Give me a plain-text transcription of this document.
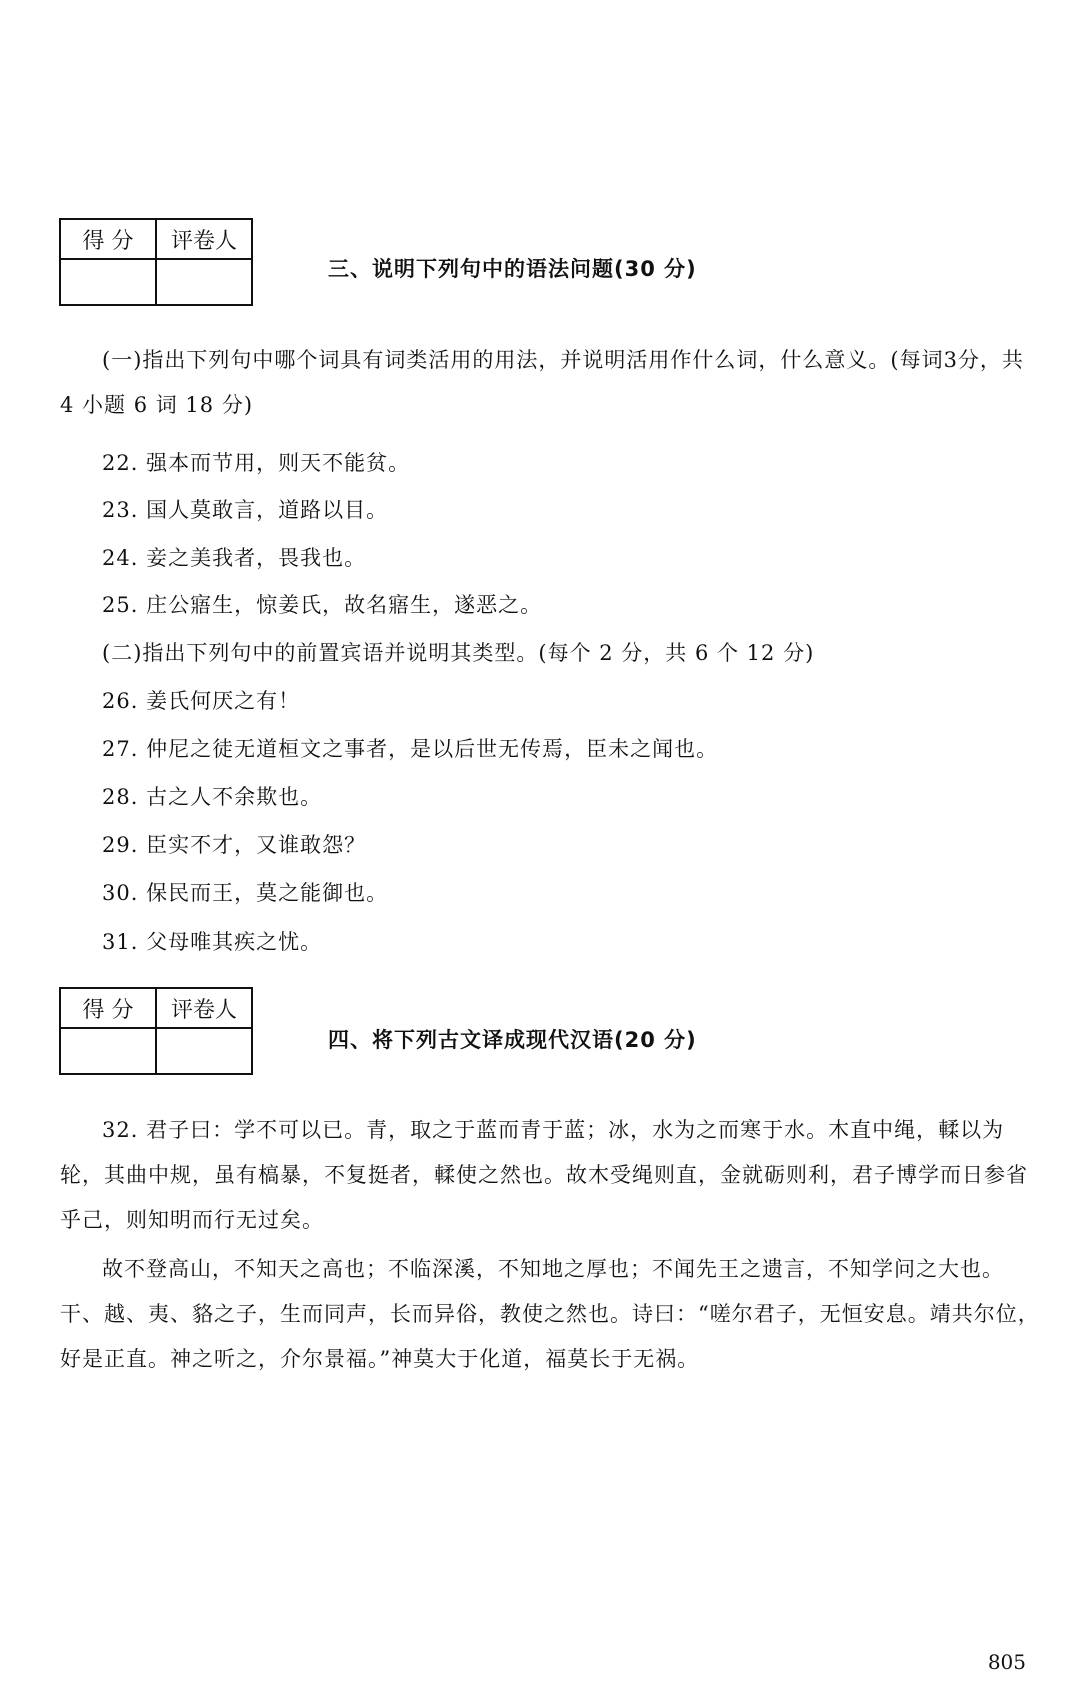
得 分	评卷人

三、说明下列句中的语法问题(30 分)
(一)指出下列句中哪个词具有词类活用的用法，并说明活用作什么词，什么意义。(每词3分，共 4 小题 6 词 18 分)
22. 强本而节用，则天不能贫。
23. 国人莫敢言，道路以目。
24. 妾之美我者，畏我也。
25. 庄公寤生，惊姜氏，故名寤生，遂恶之。
(二)指出下列句中的前置宾语并说明其类型。(每个 2 分，共 6 个 12 分)
26. 姜氏何厌之有！
27. 仲尼之徒无道桓文之事者，是以后世无传焉，臣未之闻也。
28. 古之人不余欺也。
29. 臣实不才，又谁敢怨？
30. 保民而王，莫之能御也。
31. 父母唯其疾之忧。
得 分	评卷人

四、将下列古文译成现代汉语(20 分)
32. 君子曰：学不可以已。青，取之于蓝而青于蓝；冰，水为之而寒于水。木直中绳，輮以为轮，其曲中规，虽有槁暴，不复挺者，輮使之然也。故木受绳则直，金就砺则利，君子博学而日参省乎己，则知明而行无过矣。
故不登高山，不知天之高也；不临深溪，不知地之厚也；不闻先王之遗言，不知学问之大也。干、越、夷、貉之子，生而同声，长而异俗，教使之然也。诗曰：“嗟尔君子，无恒安息。靖共尔位，好是正直。神之听之，介尔景福。”神莫大于化道，福莫长于无祸。
805
